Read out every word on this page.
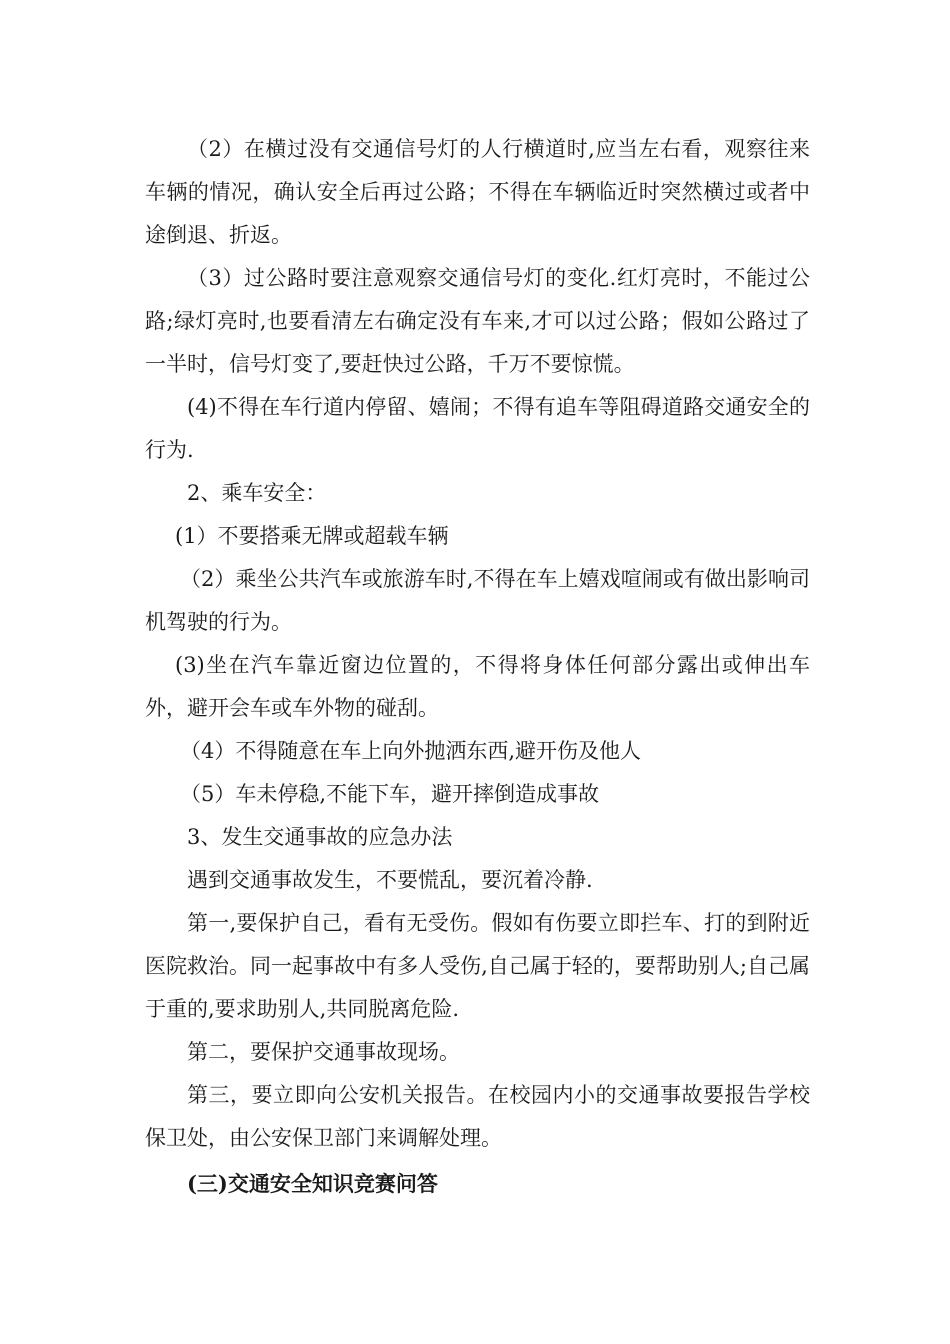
（2）在横过没有交通信号灯的人行横道时,应当左右看，观察往来车辆的情况，确认安全后再过公路；不得在车辆临近时突然横过或者中途倒退、折返。

（3）过公路时要注意观察交通信号灯的变化.红灯亮时，不能过公路;绿灯亮时,也要看清左右确定没有车来,才可以过公路；假如公路过了一半时，信号灯变了,要赶快过公路，千万不要惊慌。

(4)不得在车行道内停留、嬉闹；不得有追车等阻碍道路交通安全的行为.

2、乘车安全：

(1）不要搭乘无牌或超载车辆

（2）乘坐公共汽车或旅游车时,不得在车上嬉戏喧闹或有做出影响司机驾驶的行为。

(3)坐在汽车靠近窗边位置的，不得将身体任何部分露出或伸出车外，避开会车或车外物的碰刮。

（4）不得随意在车上向外抛洒东西,避开伤及他人

（5）车未停稳,不能下车，避开摔倒造成事故

3、发生交通事故的应急办法

遇到交通事故发生，不要慌乱，要沉着冷静.

第一,要保护自己，看有无受伤。假如有伤要立即拦车、打的到附近医院救治。同一起事故中有多人受伤,自己属于轻的，要帮助别人;自己属于重的,要求助别人,共同脱离危险.

第二，要保护交通事故现场。

第三，要立即向公安机关报告。在校园内小的交通事故要报告学校保卫处，由公安保卫部门来调解处理。

(三)交通安全知识竞赛问答
